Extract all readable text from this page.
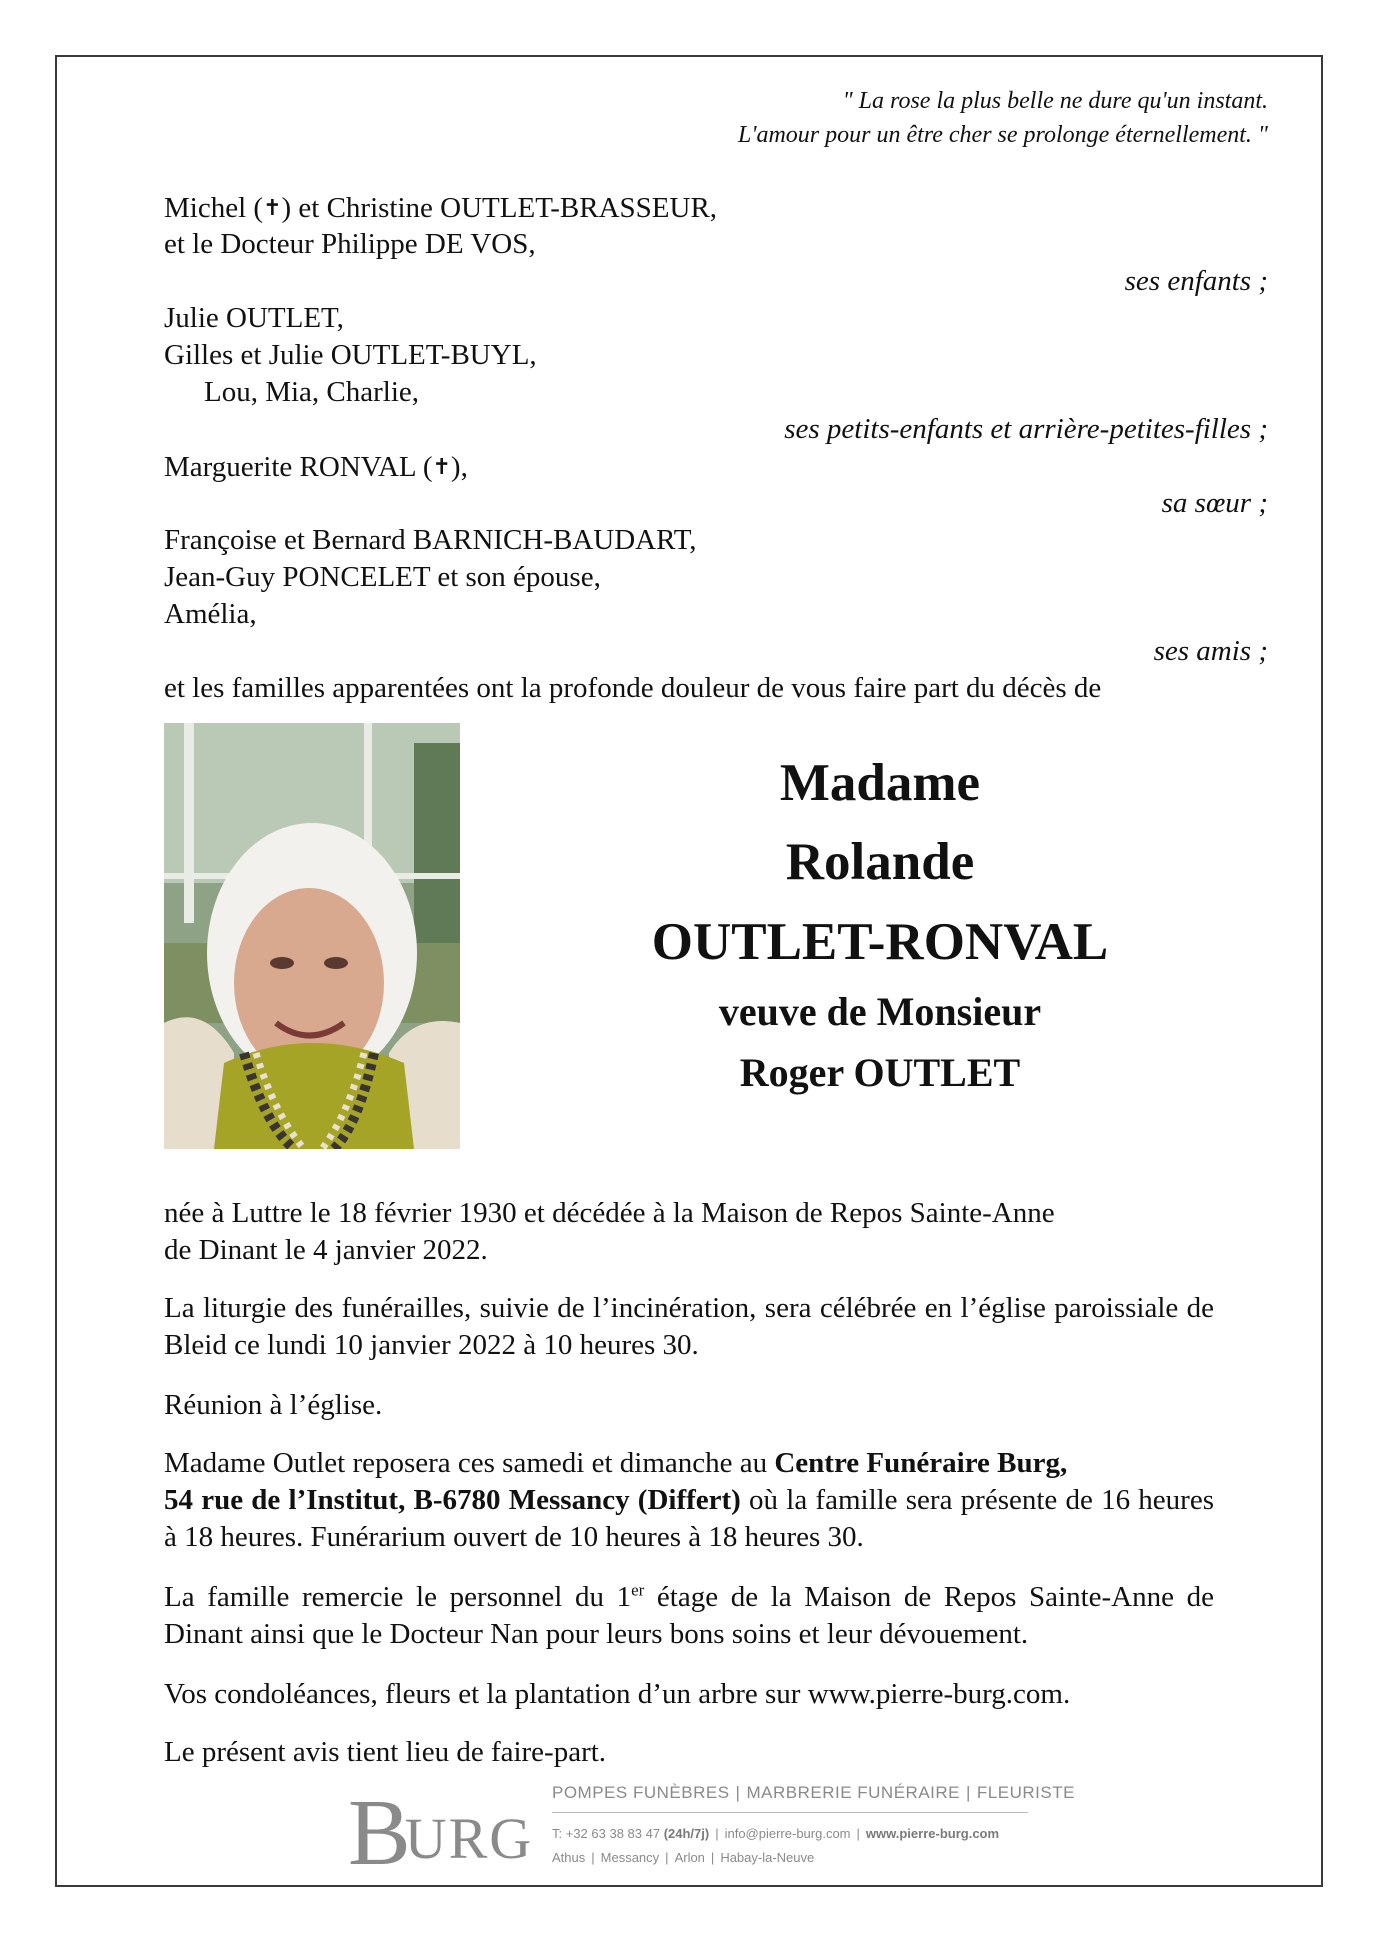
" La rose la plus belle ne dure qu'un instant.
L'amour pour un être cher se prolonge éternellement. "
Michel (✝) et Christine OUTLET-BRASSEUR,
et le Docteur Philippe DE VOS,
ses enfants ;
Julie OUTLET,
Gilles et Julie OUTLET-BUYL,
Lou, Mia, Charlie,
ses petits-enfants et arrière-petites-filles ;
Marguerite RONVAL (✝),
sa sœur ;
Françoise et Bernard BARNICH-BAUDART,
Jean-Guy PONCELET et son épouse,
Amélia,
ses amis ;
et les familles apparentées ont la profonde douleur de vous faire part du décès de
Madame
Rolande
OUTLET-RONVAL
veuve de Monsieur
Roger OUTLET
née à Luttre le 18 février 1930 et décédée à la Maison de Repos Sainte-Anne
de Dinant le 4 janvier 2022.
La liturgie des funérailles, suivie de l’incinération, sera célébrée en l’église paroissiale de Bleid ce lundi 10 janvier 2022 à 10 heures 30.
Réunion à l’église.
Madame Outlet reposera ces samedi et dimanche au Centre Funéraire Burg,
54 rue de l’Institut, B-6780 Messancy (Differt) où la famille sera présente de 16 heures à 18 heures. Funérarium ouvert de 10 heures à 18 heures 30.
La famille remercie le personnel du 1er étage de la Maison de Repos Sainte-Anne de Dinant ainsi que le Docteur Nan pour leurs bons soins et leur dévouement.
Vos condoléances, fleurs et la plantation d’un arbre sur www.pierre-burg.com.
Le présent avis tient lieu de faire-part.
BURG
POMPES FUNÈBRES | MARBRERIE FUNÉRAIRE | FLEURISTE
T: +32 63 38 83 47 (24h/7j) | info@pierre-burg.com | www.pierre-burg.com
Athus | Messancy | Arlon | Habay-la-Neuve
